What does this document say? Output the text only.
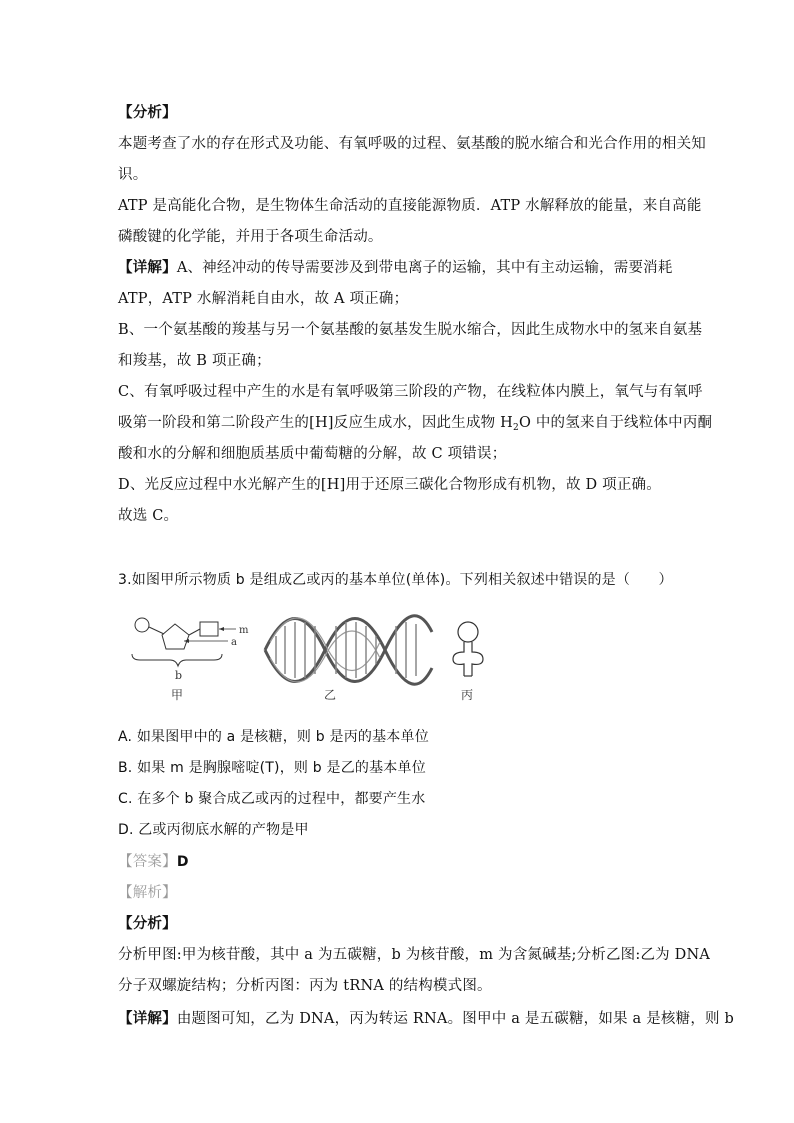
【分析】
本题考查了水的存在形式及功能、有氧呼吸的过程、氨基酸的脱水缩合和光合作用的相关知
识。
ATP 是高能化合物，是生物体生命活动的直接能源物质．ATP 水解释放的能量，来自高能
磷酸键的化学能，并用于各项生命活动。
【详解】A、神经冲动的传导需要涉及到带电离子的运输，其中有主动运输，需要消耗
ATP，ATP 水解消耗自由水，故 A 项正确；
B、一个氨基酸的羧基与另一个氨基酸的氨基发生脱水缩合，因此生成物水中的氢来自氨基
和羧基，故 B 项正确；
C、有氧呼吸过程中产生的水是有氧呼吸第三阶段的产物，在线粒体内膜上，氧气与有氧呼
吸第一阶段和第二阶段产生的[H]反应生成水，因此生成物 $H_2O$ 中的氢来自于线粒体中丙酮
酸和水的分解和细胞质基质中葡萄糖的分解，故 C 项错误；
D、光反应过程中水光解产生的[H]用于还原三碳化合物形成有机物，故 D 项正确。
故选 C。
3.如图甲所示物质 b 是组成乙或丙的基本单位(单体)。下列相关叙述中错误的是（　　）
m
a
b
甲	乙	丙
A. 如果图甲中的 a 是核糖，则 b 是丙的基本单位
B. 如果 m 是胸腺嘧啶(T)，则 b 是乙的基本单位
C. 在多个 b 聚合成乙或丙的过程中，都要产生水
D. 乙或丙彻底水解的产物是甲
【答案】D
【解析】
【分析】
分析甲图:甲为核苷酸，其中 a 为五碳糖，b 为核苷酸，m 为含氮碱基;分析乙图:乙为 DNA
分子双螺旋结构；分析丙图：丙为 tRNA 的结构模式图。
【详解】由题图可知，乙为 DNA，丙为转运 RNA。图甲中 a 是五碳糖，如果 a 是核糖，则 b
